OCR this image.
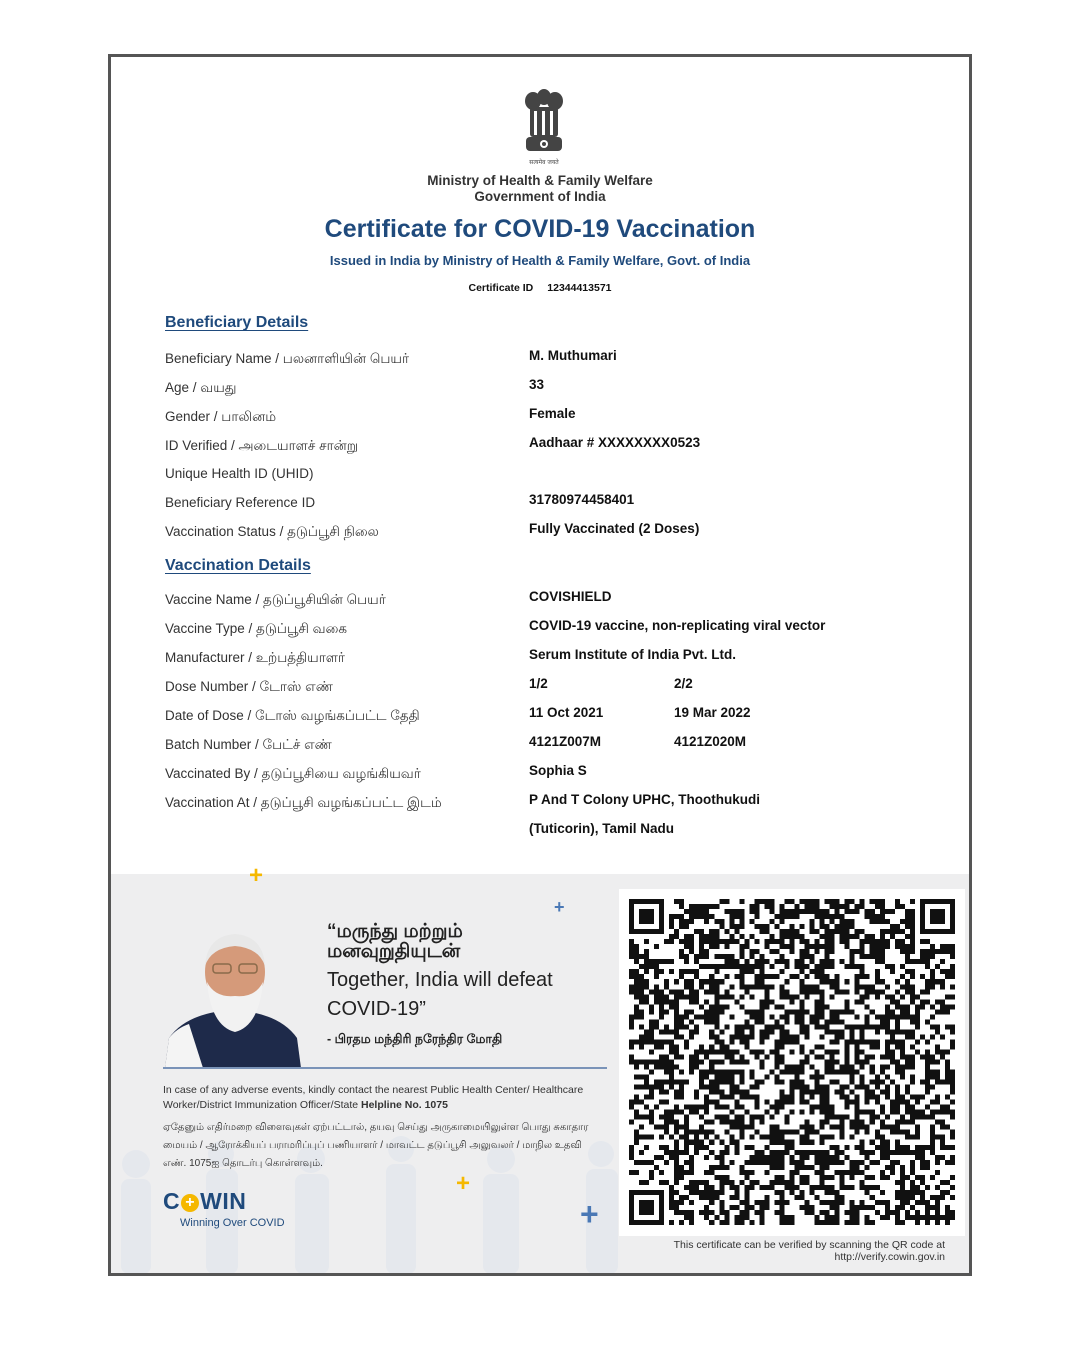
सत्यमेव जयते
Ministry of Health & Family Welfare
Government of India
Certificate for COVID-19 Vaccination
Issued in India by Ministry of Health & Family Welfare, Govt. of India
Certificate ID 12344413571
Beneficiary Details
Beneficiary Name / பலனாளியின் பெயர்	M. Muthumari
Age / வயது	33
Gender / பாலினம்	Female
ID Verified / அடையாளச் சான்று	Aadhaar # XXXXXXXX0523
Unique Health ID (UHID)
Beneficiary Reference ID	31780974458401
Vaccination Status / தடுப்பூசி நிலை	Fully Vaccinated (2 Doses)
Vaccination Details
Vaccine Name / தடுப்பூசியின் பெயர்	COVISHIELD
Vaccine Type / தடுப்பூசி வகை	COVID-19 vaccine, non-replicating viral vector
Manufacturer / உற்பத்தியாளர்	Serum Institute of India Pvt. Ltd.
Dose Number / டோஸ் எண்	1/2	2/2
Date of Dose / டோஸ் வழங்கப்பட்ட தேதி	11 Oct 2021	19 Mar 2022
Batch Number / பேட்ச் எண்	4121Z007M	4121Z020M
Vaccinated By / தடுப்பூசியை வழங்கியவர்	Sophia S
Vaccination At / தடுப்பூசி வழங்கப்பட்ட இடம்	P And T Colony UPHC, Thoothukudi
(Tuticorin), Tamil Nadu
+
+
+
+
“மருந்து மற்றும் மனவுறுதியுடன்
Together, India will defeat COVID-19”
- பிரதம மந்திரி நரேந்திர மோதி
In case of any adverse events, kindly contact the nearest Public Health Center/ Healthcare Worker/District Immunization Officer/State Helpline No. 1075
ஏதேனும் எதிர்மறை விளைவுகள் ஏற்பட்டால், தயவு செய்து அருகாமையிலுள்ள பொது சுகாதார மையம் / ஆரோக்கியப் பராமரிப்புப் பணியாளர் / மாவட்ட தடுப்பூசி அலுவலர் / மாநில உதவி எண். 1075ஐ தொடர்பு கொள்ளவும்.
C + WIN
Winning Over COVID
This certificate can be verified by scanning the QR code at
http://verify.cowin.gov.in
